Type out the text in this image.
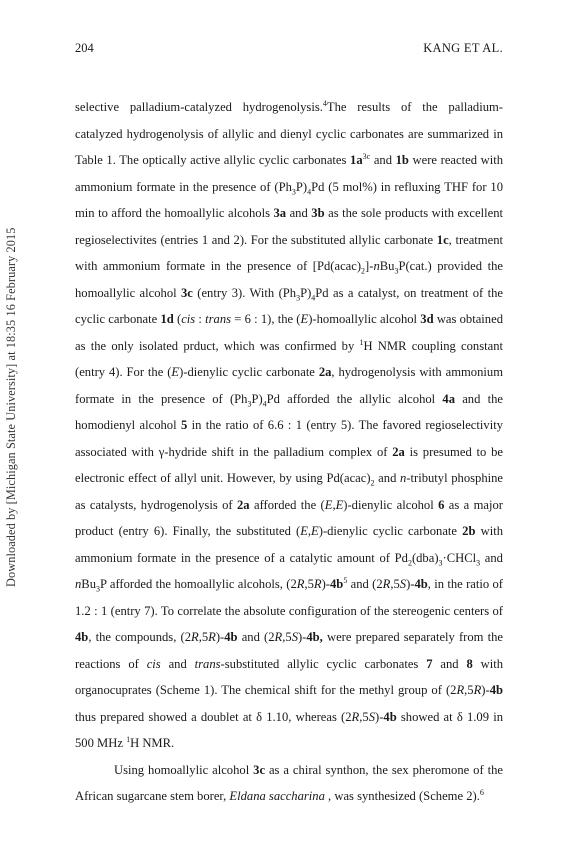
204	KANG ET AL.
Downloaded by [Michigan State University] at 18:35 16 February 2015

selective palladium-catalyzed hydrogenolysis.$^4$The results of the palladium-catalyzed hydrogenolysis of allylic and dienyl cyclic carbonates are summarized in Table 1. The optically active allylic cyclic carbonates $1a^{3c}$ and 1b were reacted with ammonium formate in the presence of $(Ph_3P)_4Pd$ (5 mol%) in refluxing THF for 10 min to afford the homoallylic alcohols 3a and 3b as the sole products with excellent regioselectivites (entries 1 and 2). For the substituted allylic carbonate 1c, treatment with ammonium formate in the presence of $[Pd(acac)_2]-nBu_3P(cat.)$ provided the homoallylic alcohol 3c (entry 3). With $(Ph_3P)_4Pd$ as a catalyst, on treatment of the cyclic carbonate 1d (cis : trans = 6 : 1), the (E)-homoallylic alcohol 3d was obtained as the only isolated prduct, which was confirmed by $^1$H NMR coupling constant (entry 4). For the (E)-dienylic cyclic carbonate 2a, hydrogenolysis with ammonium formate in the presence of $(Ph_3P)_4Pd$ afforded the allylic alcohol 4a and the homodienyl alcohol 5 in the ratio of 6.6 : 1 (entry 5). The favored regioselectivity associated with γ-hydride shift in the palladium complex of 2a is presumed to be electronic effect of allyl unit. However, by using $Pd(acac)_2$ and n-tributyl phosphine as catalysts, hydrogenolysis of 2a afforded the (E,E)-dienylic alcohol 6 as a major product (entry 6). Finally, the substituted (E,E)-dienylic cyclic carbonate 2b with ammonium formate in the presence of a catalytic amount of $Pd_2(dba)_3\cdot CHCl_3$ and nBu$_3$P afforded the homoallylic alcohols, $(2R,5R)-4b^5$ and (2R,5S)-4b, in the ratio of 1.2 : 1 (entry 7). To correlate the absolute configuration of the stereogenic centers of 4b, the compounds, (2R,5R)-4b and (2R,5S)-4b, were prepared separately from the reactions of cis and trans-substituted allylic cyclic carbonates 7 and 8 with organocuprates (Scheme 1). The chemical shift for the methyl group of (2R,5R)-4b thus prepared showed a doublet at δ 1.10, whereas (2R,5S)-4b showed at δ 1.09 in 500 MHz $^1$H NMR.

Using homoallylic alcohol 3c as a chiral synthon, the sex pheromone of the African sugarcane stem borer, Eldana saccharina , was synthesized (Scheme 2).$^6$
